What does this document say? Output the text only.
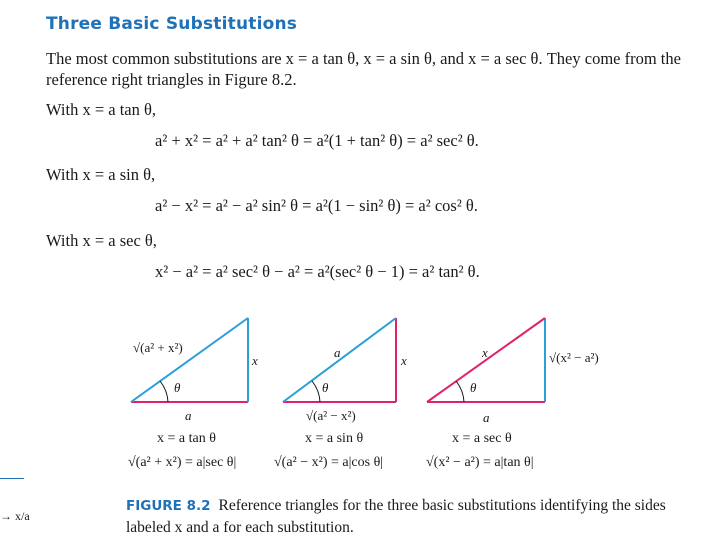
Three Basic Substitutions
The most common substitutions are x = a tan θ, x = a sin θ, and x = a sec θ. They come from the reference right triangles in Figure 8.2.
With x = a tan θ,
a² + x² = a² + a² tan² θ = a²(1 + tan² θ) = a² sec² θ.
With x = a sin θ,
a² − x² = a² − a² sin² θ = a²(1 − sin² θ) = a² cos² θ.
With x = a sec θ,
x² − a² = a² sec² θ − a² = a²(sec² θ − 1) = a² tan² θ.
√(a² + x²)
x
a
θ
a
x
√(a² − x²)
θ
x	√(x² − a²)
a
θ
x = a tan θ	x = a sin θ	x = a sec θ
√(a² + x²) = a|sec θ|	√(a² − x²) = a|cos θ|	√(x² − a²) = a|tan θ|
→ x/a
FIGURE 8.2 Reference triangles for the three basic substitutions identifying the sides labeled x and a for each substitution.
